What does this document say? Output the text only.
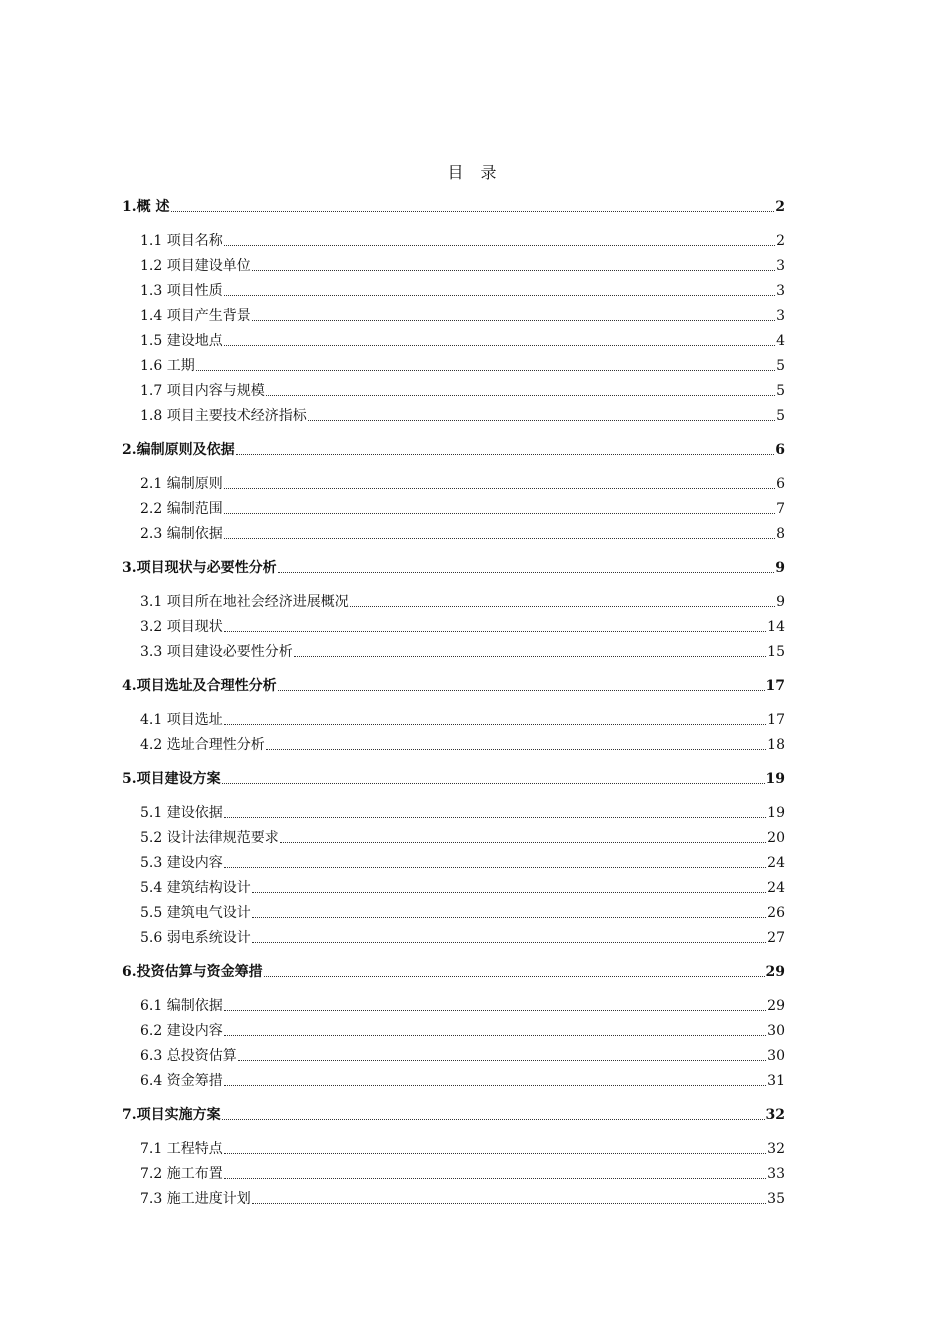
目 录
1.概 述	2
1.1 项目名称	2
1.2 项目建设单位	3
1.3 项目性质	3
1.4 项目产生背景	3
1.5 建设地点	4
1.6 工期	5
1.7 项目内容与规模	5
1.8 项目主要技术经济指标	5
2.编制原则及依据	6
2.1 编制原则	6
2.2 编制范围	7
2.3 编制依据	8
3.项目现状与必要性分析	9
3.1 项目所在地社会经济进展概况	9
3.2 项目现状	14
3.3 项目建设必要性分析	15
4.项目选址及合理性分析	17
4.1 项目选址	17
4.2 选址合理性分析	18
5.项目建设方案	19
5.1 建设依据	19
5.2 设计法律规范要求	20
5.3 建设内容	24
5.4 建筑结构设计	24
5.5 建筑电气设计	26
5.6 弱电系统设计	27
6.投资估算与资金筹措	29
6.1 编制依据	29
6.2 建设内容	30
6.3 总投资估算	30
6.4 资金筹措	31
7.项目实施方案	32
7.1 工程特点	32
7.2 施工布置	33
7.3 施工进度计划	35
